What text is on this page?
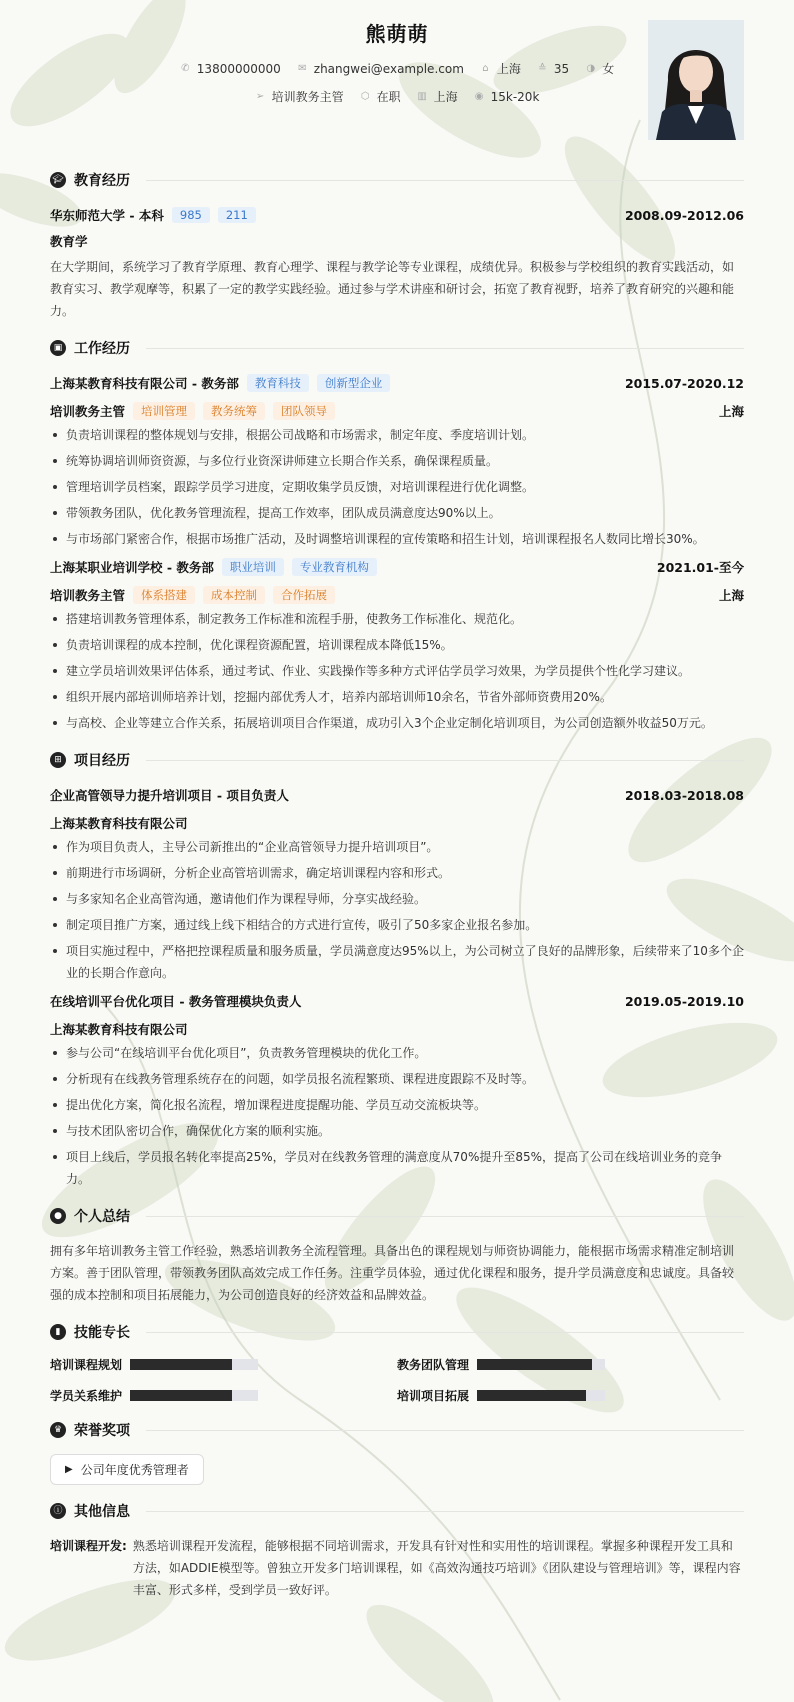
熊萌萌
✆ 13800000000 ✉ zhangwei@example.com ⌂ 上海 ≙ 35 ◑ 女
➢ 培训教务主管 ⬡ 在职 ▥ 上海 ◉ 15k-20k
🎓︎ 教育经历
华东师范大学 - 本科	985	211	2008.09-2012.06
教育学

在大学期间，系统学习了教育学原理、教育心理学、课程与教学论等专业课程，成绩优异。积极参与学校组织的教育实践活动，如教育实习、教学观摩等，积累了一定的教学实践经验。通过参与学术讲座和研讨会，拓宽了教育视野，培养了教育研究的兴趣和能力。

▣ 工作经历
上海某教育科技有限公司 - 教务部	教育科技	创新型企业	2015.07-2020.12
培训教务主管	培训管理	教务统筹	团队领导	上海
负责培训课程的整体规划与安排，根据公司战略和市场需求，制定年度、季度培训计划。
统筹协调培训师资资源，与多位行业资深讲师建立长期合作关系，确保课程质量。
管理培训学员档案，跟踪学员学习进度，定期收集学员反馈，对培训课程进行优化调整。
带领教务团队，优化教务管理流程，提高工作效率，团队成员满意度达90%以上。
与市场部门紧密合作，根据市场推广活动，及时调整培训课程的宣传策略和招生计划，培训课程报名人数同比增长30%。
上海某职业培训学校 - 教务部	职业培训	专业教育机构	2021.01-至今
培训教务主管	体系搭建	成本控制	合作拓展	上海
搭建培训教务管理体系，制定教务工作标准和流程手册，使教务工作标准化、规范化。
负责培训课程的成本控制，优化课程资源配置，培训课程成本降低15%。
建立学员培训效果评估体系，通过考试、作业、实践操作等多种方式评估学员学习效果，为学员提供个性化学习建议。
组织开展内部培训师培养计划，挖掘内部优秀人才，培养内部培训师10余名，节省外部师资费用20%。
与高校、企业等建立合作关系，拓展培训项目合作渠道，成功引入3个企业定制化培训项目，为公司创造额外收益50万元。
⊞ 项目经历
企业高管领导力提升培训项目 - 项目负责人	2018.03-2018.08
上海某教育科技有限公司
作为项目负责人，主导公司新推出的“企业高管领导力提升培训项目”。
前期进行市场调研，分析企业高管培训需求，确定培训课程内容和形式。
与多家知名企业高管沟通，邀请他们作为课程导师，分享实战经验。
制定项目推广方案，通过线上线下相结合的方式进行宣传，吸引了50多家企业报名参加。
项目实施过程中，严格把控课程质量和服务质量，学员满意度达95%以上，为公司树立了良好的品牌形象，后续带来了10多个企业的长期合作意向。
在线培训平台优化项目 - 教务管理模块负责人	2019.05-2019.10
上海某教育科技有限公司
参与公司“在线培训平台优化项目”，负责教务管理模块的优化工作。
分析现有在线教务管理系统存在的问题，如学员报名流程繁琐、课程进度跟踪不及时等。
提出优化方案，简化报名流程，增加课程进度提醒功能、学员互动交流板块等。
与技术团队密切合作，确保优化方案的顺利实施。
项目上线后，学员报名转化率提高25%，学员对在线教务管理的满意度从70%提升至85%，提高了公司在线培训业务的竞争力。
● 个人总结

拥有多年培训教务主管工作经验，熟悉培训教务全流程管理。具备出色的课程规划与师资协调能力，能根据市场需求精准定制培训方案。善于团队管理，带领教务团队高效完成工作任务。注重学员体验，通过优化课程和服务，提升学员满意度和忠诚度。具备较强的成本控制和项目拓展能力，为公司创造良好的经济效益和品牌效益。

▮ 技能专长
培训课程规划	教务团队管理
学员关系维护	培训项目拓展
♛ 荣誉奖项
▶ 公司年度优秀管理者
ⓘ 其他信息
培训课程开发: 熟悉培训课程开发流程，能够根据不同培训需求，开发具有针对性和实用性的培训课程。掌握多种课程开发工具和方法，如ADDIE模型等。曾独立开发多门培训课程，如《高效沟通技巧培训》《团队建设与管理培训》等，课程内容丰富、形式多样，受到学员一致好评。
